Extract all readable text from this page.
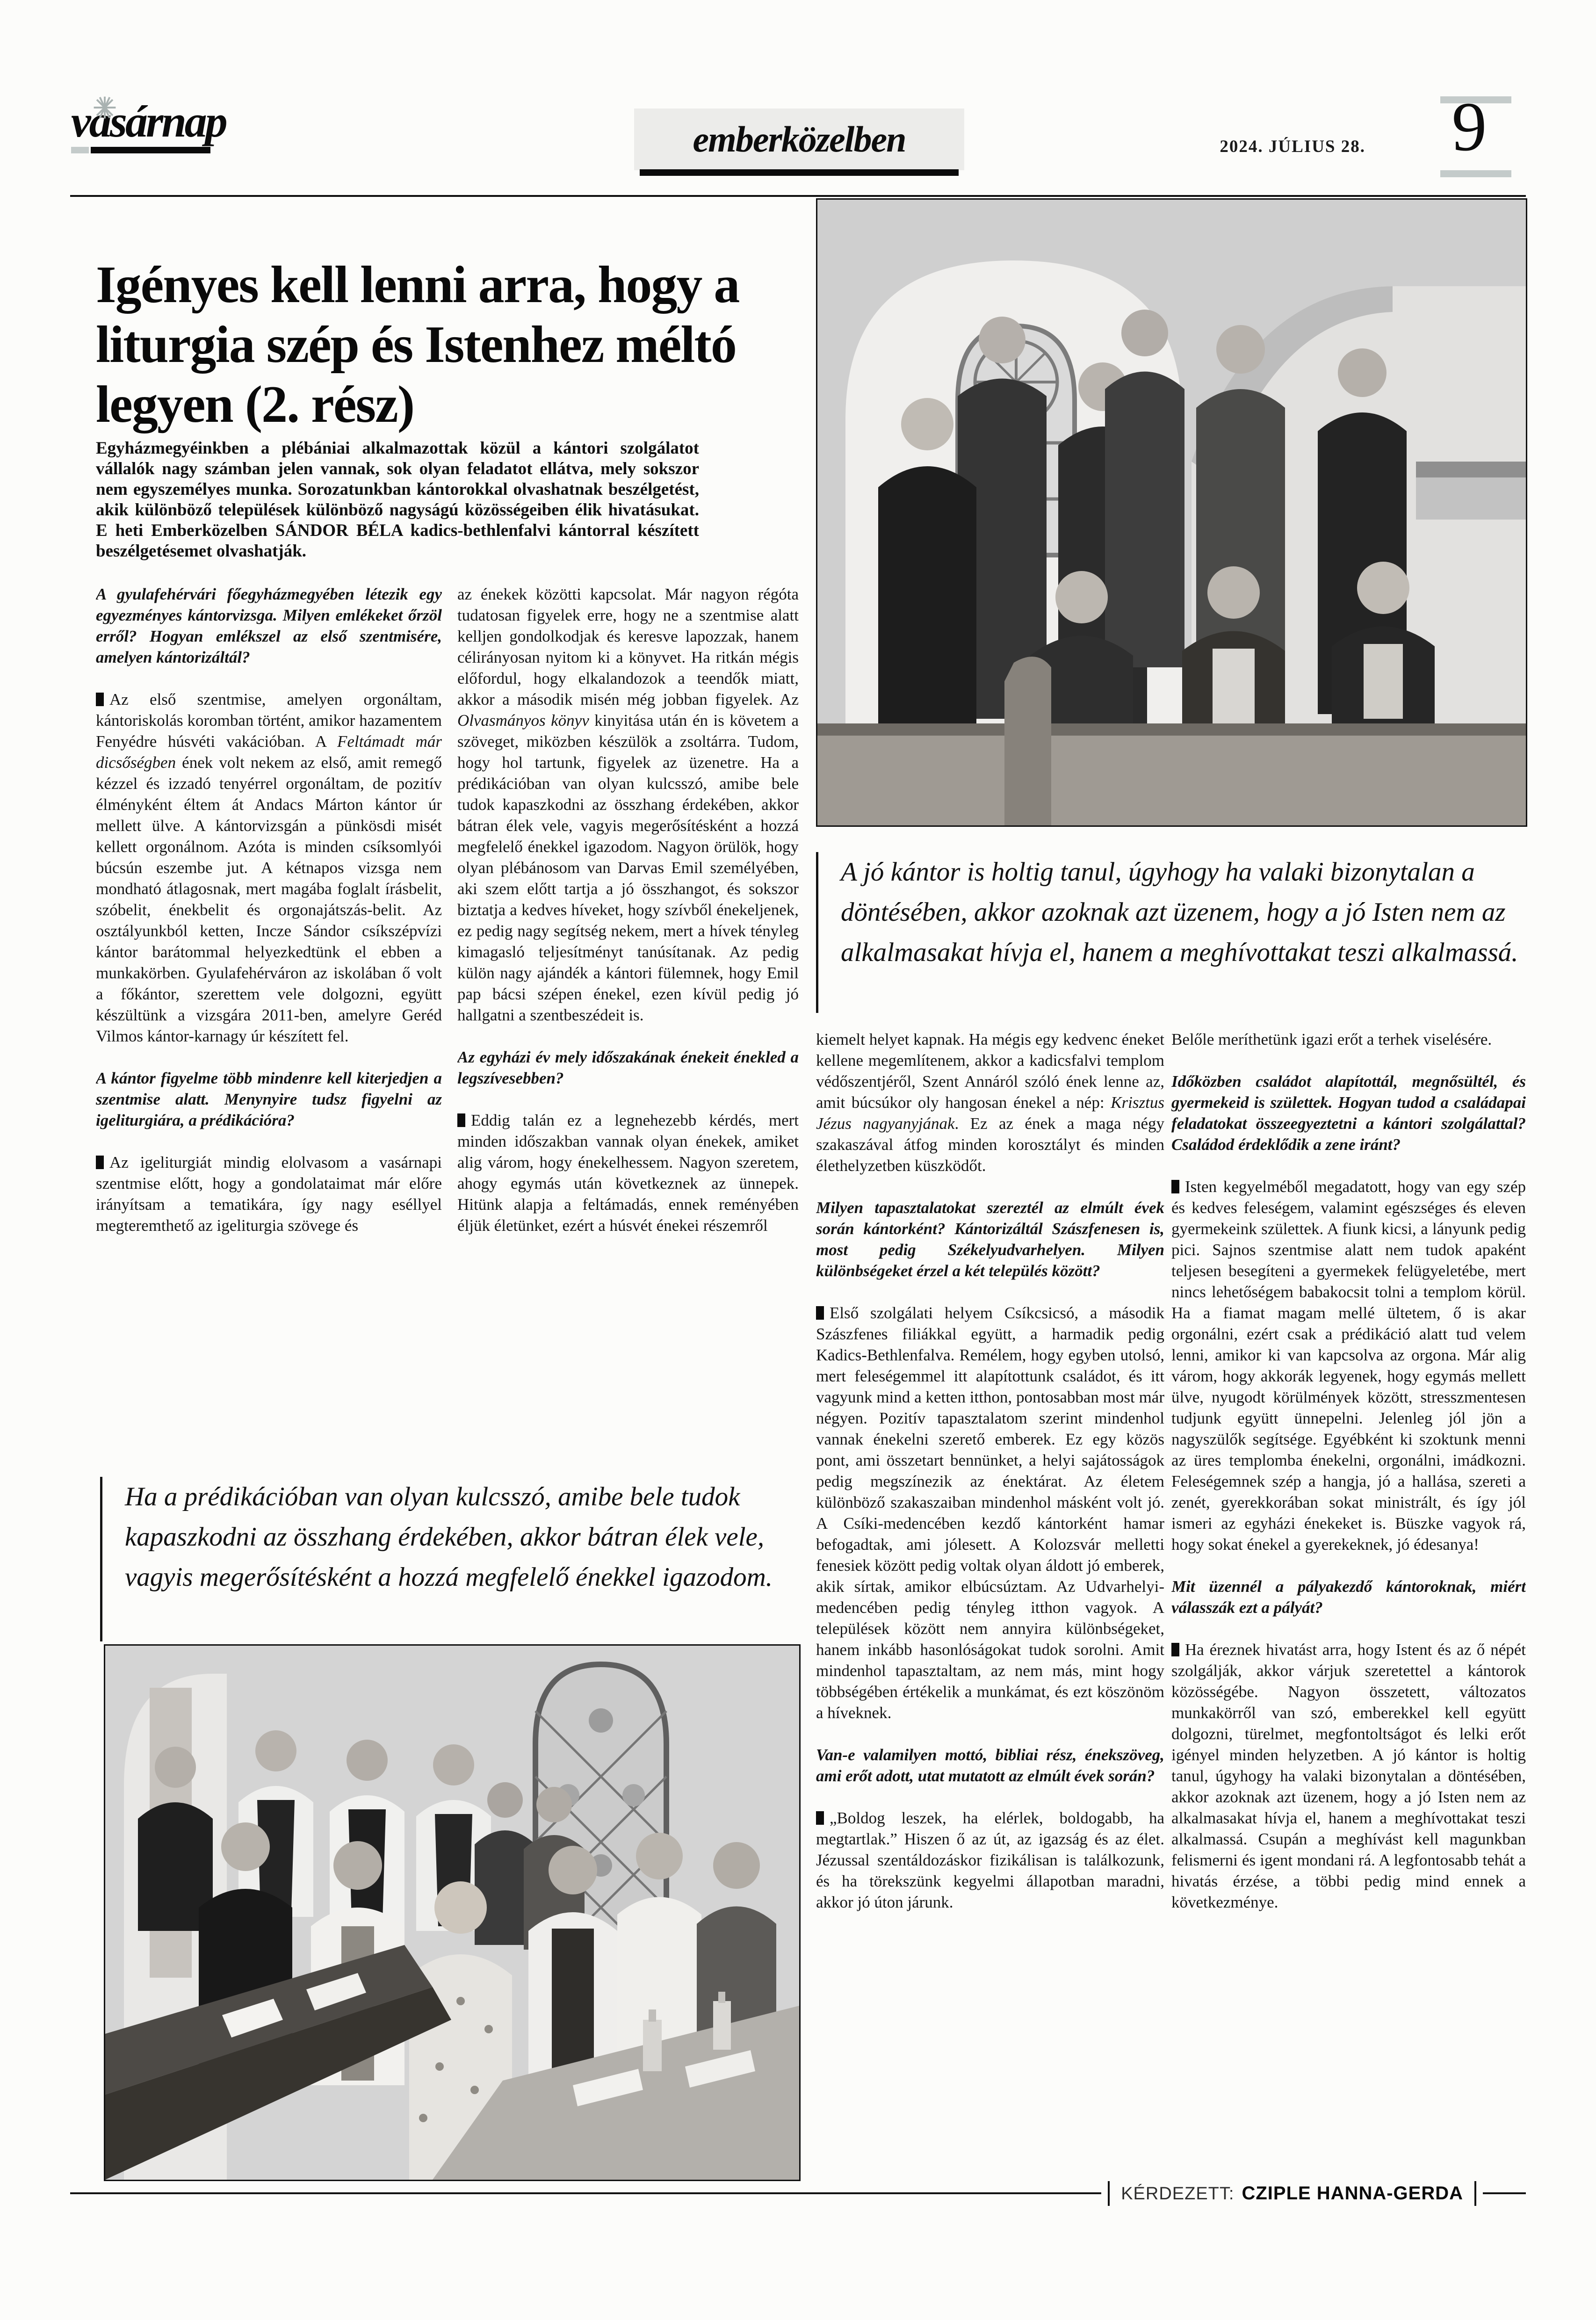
vasárnap	emberközelben	2024. JÚLIUS 28.	9
Igényes kell lenni arra, hogy a liturgia szép és Istenhez méltó legyen (2. rész)

Egyházmegyéinkben a plébániai alkalmazottak közül a kántori szolgálatot vállalók nagy számban jelen vannak, sok olyan feladatot ellátva, mely sokszor nem egyszemélyes munka. Sorozatunkban kántorokkal olvashatnak beszélgetést, akik különböző települések különböző nagyságú közösségeiben élik hivatásukat. E heti Emberközelben SÁNDOR BÉLA kadics-bethlenfalvi kántorral készített beszélgetésemet olvashatják.

A jó kántor is holtig tanul, úgyhogy ha valaki bizonytalan a döntésében, akkor azoknak azt üzenem, hogy a jó Isten nem az alkalmasakat hívja el, hanem a meghívottakat teszi alkalmassá.

A gyulafehérvári főegyházmegyében létezik egy egyezményes kántorvizsga. Milyen emlékeket őrzöl erről? Hogyan emlékszel az első szentmisére, amelyen kántorizáltál?

Az első szentmise, amelyen orgonáltam, kántoriskolás koromban történt, amikor hazamentem Fenyédre húsvéti vakációban. A Feltámadt már dicsőségben ének volt nekem az első, amit remegő kézzel és izzadó tenyérrel orgonáltam, de pozitív élményként éltem át Andacs Márton kántor úr mellett ülve. A kántorvizsgán a pünkösdi misét kellett orgonálnom. Azóta is minden csíksomlyói búcsún eszembe jut. A kétnapos vizsga nem mondható átlagosnak, mert magába foglalt írásbelit, szóbelit, énekbelit és orgonajátszás-belit. Az osztályunkból ketten, Incze Sándor csíkszépvízi kántor barátommal helyezkedtünk el ebben a munkakörben. Gyulafehérváron az iskolában ő volt a főkántor, szerettem vele dolgozni, együtt készültünk a vizsgára 2011-ben, amelyre Geréd Vilmos kántor-karnagy úr készített fel.

A kántor figyelme több mindenre kell kiterjedjen a szentmise alatt. Menynyire tudsz figyelni az igeliturgiára, a prédikációra?

Az igeliturgiát mindig elolvasom a vasárnapi szentmise előtt, hogy a gondolataimat már előre irányítsam a tematikára, így nagy eséllyel megteremthető az igeliturgia szövege és

az énekek közötti kapcsolat. Már nagyon régóta tudatosan figyelek erre, hogy ne a szentmise alatt kelljen gondolkodjak és keresve lapozzak, hanem célirányosan nyitom ki a könyvet. Ha ritkán mégis előfordul, hogy elkalandozok a teendők miatt, akkor a második misén még jobban figyelek. Az Olvasmányos könyv kinyitása után én is követem a szöveget, miközben készülök a zsoltárra. Tudom, hogy hol tartunk, figyelek az üzenetre. Ha a prédikációban van olyan kulcsszó, amibe bele tudok kapaszkodni az összhang érdekében, akkor bátran élek vele, vagyis megerősítésként a hozzá megfelelő énekkel igazodom. Nagyon örülök, hogy olyan plébánosom van Darvas Emil személyében, aki szem előtt tartja a jó összhangot, és sokszor biztatja a kedves híveket, hogy szívből énekeljenek, ez pedig nagy segítség nekem, mert a hívek tényleg kimagasló teljesítményt tanúsítanak. Az pedig külön nagy ajándék a kántori fülemnek, hogy Emil pap bácsi szépen énekel, ezen kívül pedig jó hallgatni a szentbeszédeit is.

Az egyházi év mely időszakának énekeit énekled a legszívesebben?

Eddig talán ez a legnehezebb kérdés, mert minden időszakban vannak olyan énekek, amiket alig várom, hogy énekelhessem. Nagyon szeretem, ahogy egymás után következnek az ünnepek. Hitünk alapja a feltámadás, ennek reményében éljük életünket, ezért a húsvét énekei részemről

kiemelt helyet kapnak. Ha mégis egy kedvenc éneket kellene megemlítenem, akkor a kadicsfalvi templom védőszentjéről, Szent Annáról szóló ének lenne az, amit búcsúkor oly hangosan énekel a nép: Krisztus Jézus nagyanyjának. Ez az ének a maga négy szakaszával átfog minden korosztályt és minden élethelyzetben küszködőt.

Milyen tapasztalatokat szereztél az elmúlt évek során kántorként? Kántorizáltál Szászfenesen is, most pedig Székelyudvarhelyen. Milyen különbségeket érzel a két település között?

Első szolgálati helyem Csíkcsicsó, a második Szászfenes filiákkal együtt, a harmadik pedig Kadics-Bethlenfalva. Remélem, hogy egyben utolsó, mert feleségemmel itt alapítottunk családot, és itt vagyunk mind a ketten itthon, pontosabban most már négyen. Pozitív tapasztalatom szerint mindenhol vannak énekelni szerető emberek. Ez egy közös pont, ami összetart bennünket, a helyi sajátosságok pedig megszínezik az énektárat. Az életem különböző szakaszaiban mindenhol másként volt jó. A Csíki-medencében kezdő kántorként hamar befogadtak, ami jólesett. A Kolozsvár melletti fenesiek között pedig voltak olyan áldott jó emberek, akik sírtak, amikor elbúcsúztam. Az Udvarhelyi-medencében pedig tényleg itthon vagyok. A települések között nem annyira különbségeket, hanem inkább hasonlóságokat tudok sorolni. Amit mindenhol tapasztaltam, az nem más, mint hogy többségében értékelik a munkámat, és ezt köszönöm a híveknek.

Van-e valamilyen mottó, bibliai rész, énekszöveg, ami erőt adott, utat mutatott az elmúlt évek során?

„Boldog leszek, ha elérlek, boldogabb, ha megtartlak.” Hiszen ő az út, az igazság és az élet. Jézussal szentáldozáskor fizikálisan is találkozunk, és ha törekszünk kegyelmi állapotban maradni, akkor jó úton járunk.

Belőle meríthetünk igazi erőt a terhek viselésére.

Időközben családot alapítottál, megnősültél, és gyermekeid is születtek. Hogyan tudod a családapai feladatokat összeegyeztetni a kántori szolgálattal? Családod érdeklődik a zene iránt?

Isten kegyelméből megadatott, hogy van egy szép és kedves feleségem, valamint egészséges és eleven gyermekeink születtek. A fiunk kicsi, a lányunk pedig pici. Sajnos szentmise alatt nem tudok apaként teljesen besegíteni a gyermekek felügyeletébe, mert nincs lehetőségem babakocsit tolni a templom körül. Ha a fiamat magam mellé ültetem, ő is akar orgonálni, ezért csak a prédikáció alatt tud velem lenni, amikor ki van kapcsolva az orgona. Már alig várom, hogy akkorák legyenek, hogy egymás mellett ülve, nyugodt körülmények között, stresszmentesen tudjunk együtt ünnepelni. Jelenleg jól jön a nagyszülők segítsége. Egyébként ki szoktunk menni az üres templomba énekelni, orgonálni, imádkozni. Feleségemnek szép a hangja, jó a hallása, szereti a zenét, gyerekkorában sokat ministrált, és így jól ismeri az egyházi énekeket is. Büszke vagyok rá, hogy sokat énekel a gyerekeknek, jó édesanya!

Mit üzennél a pályakezdő kántoroknak, miért válasszák ezt a pályát?

Ha éreznek hivatást arra, hogy Istent és az ő népét szolgálják, akkor várjuk szeretettel a kántorok közösségébe. Nagyon összetett, változatos munkakörről van szó, emberekkel kell együtt dolgozni, türelmet, megfontoltságot és lelki erőt igényel minden helyzetben. A jó kántor is holtig tanul, úgyhogy ha valaki bizonytalan a döntésében, akkor azoknak azt üzenem, hogy a jó Isten nem az alkalmasakat hívja el, hanem a meghívottakat teszi alkalmassá. Csupán a meghívást kell magunkban felismerni és igent mondani rá. A legfontosabb tehát a hivatás érzése, a többi pedig mind ennek a következménye.

Ha a prédikációban van olyan kulcsszó, amibe bele tudok kapaszkodni az összhang érdekében, akkor bátran élek vele, vagyis megerősítésként a hozzá megfelelő énekkel igazodom.
KÉRDEZETT: CZIPLE HANNA-GERDA
